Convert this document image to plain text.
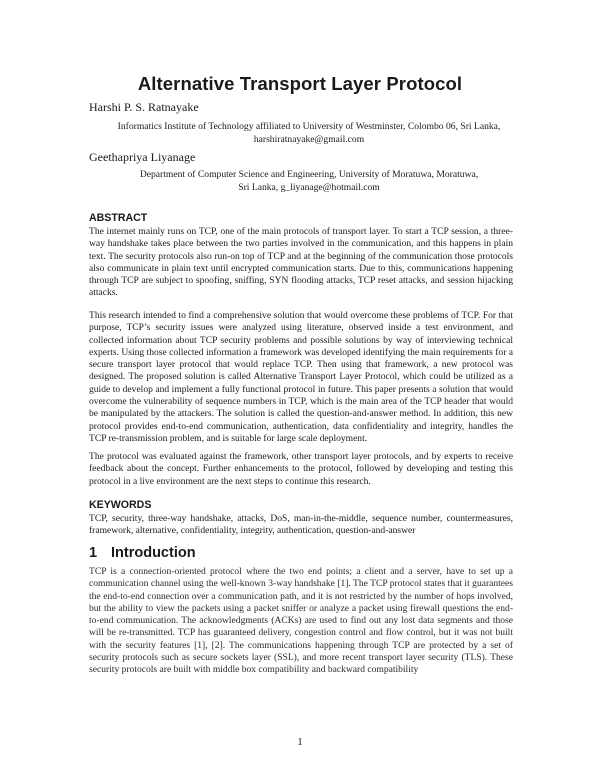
Alternative Transport Layer Protocol

Harshi P. S. Ratnayake

Informatics Institute of Technology affiliated to University of Westminster, Colombo 06, Sri Lanka,
harshiratnayake@gmail.com

Geethapriya Liyanage

Department of Computer Science and Engineering, University of Moratuwa, Moratuwa,
Sri Lanka, g_liyanage@hotmail.com

ABSTRACT

The internet mainly runs on TCP, one of the main protocols of transport layer. To start a TCP session, a three-way handshake takes place between the two parties involved in the communication, and this happens in plain text. The security protocols also run-on top of TCP and at the beginning of the communication those protocols also communicate in plain text until encrypted communication starts. Due to this, communications happening through TCP are subject to spoofing, sniffing, SYN flooding attacks, TCP reset attacks, and session hijacking attacks.

This research intended to find a comprehensive solution that would overcome these problems of TCP. For that purpose, TCP’s security issues were analyzed using literature, observed inside a test environment, and collected information about TCP security problems and possible solutions by way of interviewing technical experts. Using those collected information a framework was developed identifying the main requirements for a secure transport layer protocol that would replace TCP. Then using that framework, a new protocol was designed. The proposed solution is called Alternative Transport Layer Protocol, which could be utilized as a guide to develop and implement a fully functional protocol in future. This paper presents a solution that would overcome the vulnerability of sequence numbers in TCP, which is the main area of the TCP header that would be manipulated by the attackers. The solution is called the question-and-answer method. In addition, this new protocol provides end-to-end communication, authentication, data confidentiality and integrity, handles the TCP re-transmission problem, and is suitable for large scale deployment.

The protocol was evaluated against the framework, other transport layer protocols, and by experts to receive feedback about the concept. Further enhancements to the protocol, followed by developing and testing this protocol in a live environment are the next steps to continue this research.

KEYWORDS

TCP, security, three-way handshake, attacks, DoS, man-in-the-middle, sequence number, countermeasures, framework, alternative, confidentiality, integrity, authentication, question-and-answer

1 Introduction

TCP is a connection-oriented protocol where the two end points; a client and a server, have to set up a communication channel using the well-known 3-way handshake [1]. The TCP protocol states that it guarantees the end-to-end connection over a communication path, and it is not restricted by the number of hops involved, but the ability to view the packets using a packet sniffer or analyze a packet using firewall questions the end-to-end communication. The acknowledgments (ACKs) are used to find out any lost data segments and those will be re-transmitted. TCP has guaranteed delivery, congestion control and flow control, but it was not built with the security features [1], [2]. The communications happening through TCP are protected by a set of security protocols such as secure sockets layer (SSL), and more recent transport layer security (TLS). These security protocols are built with middle box compatibility and backward compatibility

1
